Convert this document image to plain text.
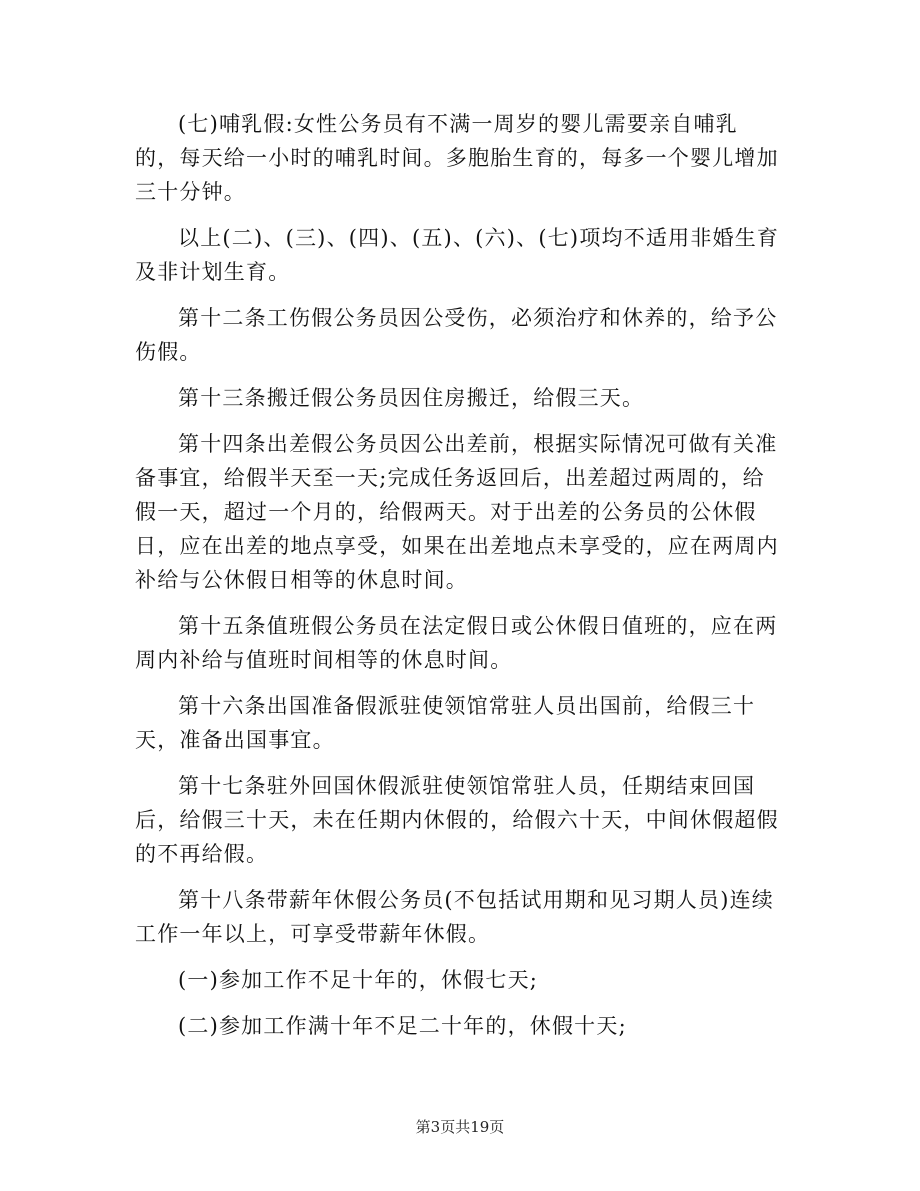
(七)哺乳假:女性公务员有不满一周岁的婴儿需要亲自哺乳的，每天给一小时的哺乳时间。多胞胎生育的，每多一个婴儿增加三十分钟。

以上(二)、(三)、(四)、(五)、(六)、(七)项均不适用非婚生育及非计划生育。

第十二条工伤假公务员因公受伤，必须治疗和休养的，给予公伤假。

第十三条搬迁假公务员因住房搬迁，给假三天。

第十四条出差假公务员因公出差前，根据实际情况可做有关准备事宜，给假半天至一天;完成任务返回后，出差超过两周的，给假一天，超过一个月的，给假两天。对于出差的公务员的公休假日，应在出差的地点享受，如果在出差地点未享受的，应在两周内补给与公休假日相等的休息时间。

第十五条值班假公务员在法定假日或公休假日值班的，应在两周内补给与值班时间相等的休息时间。

第十六条出国准备假派驻使领馆常驻人员出国前，给假三十天，准备出国事宜。

第十七条驻外回国休假派驻使领馆常驻人员，任期结束回国后，给假三十天，未在任期内休假的，给假六十天，中间休假超假的不再给假。

第十八条带薪年休假公务员(不包括试用期和见习期人员)连续工作一年以上，可享受带薪年休假。

(一)参加工作不足十年的，休假七天;

(二)参加工作满十年不足二十年的，休假十天;

第3页共19页
